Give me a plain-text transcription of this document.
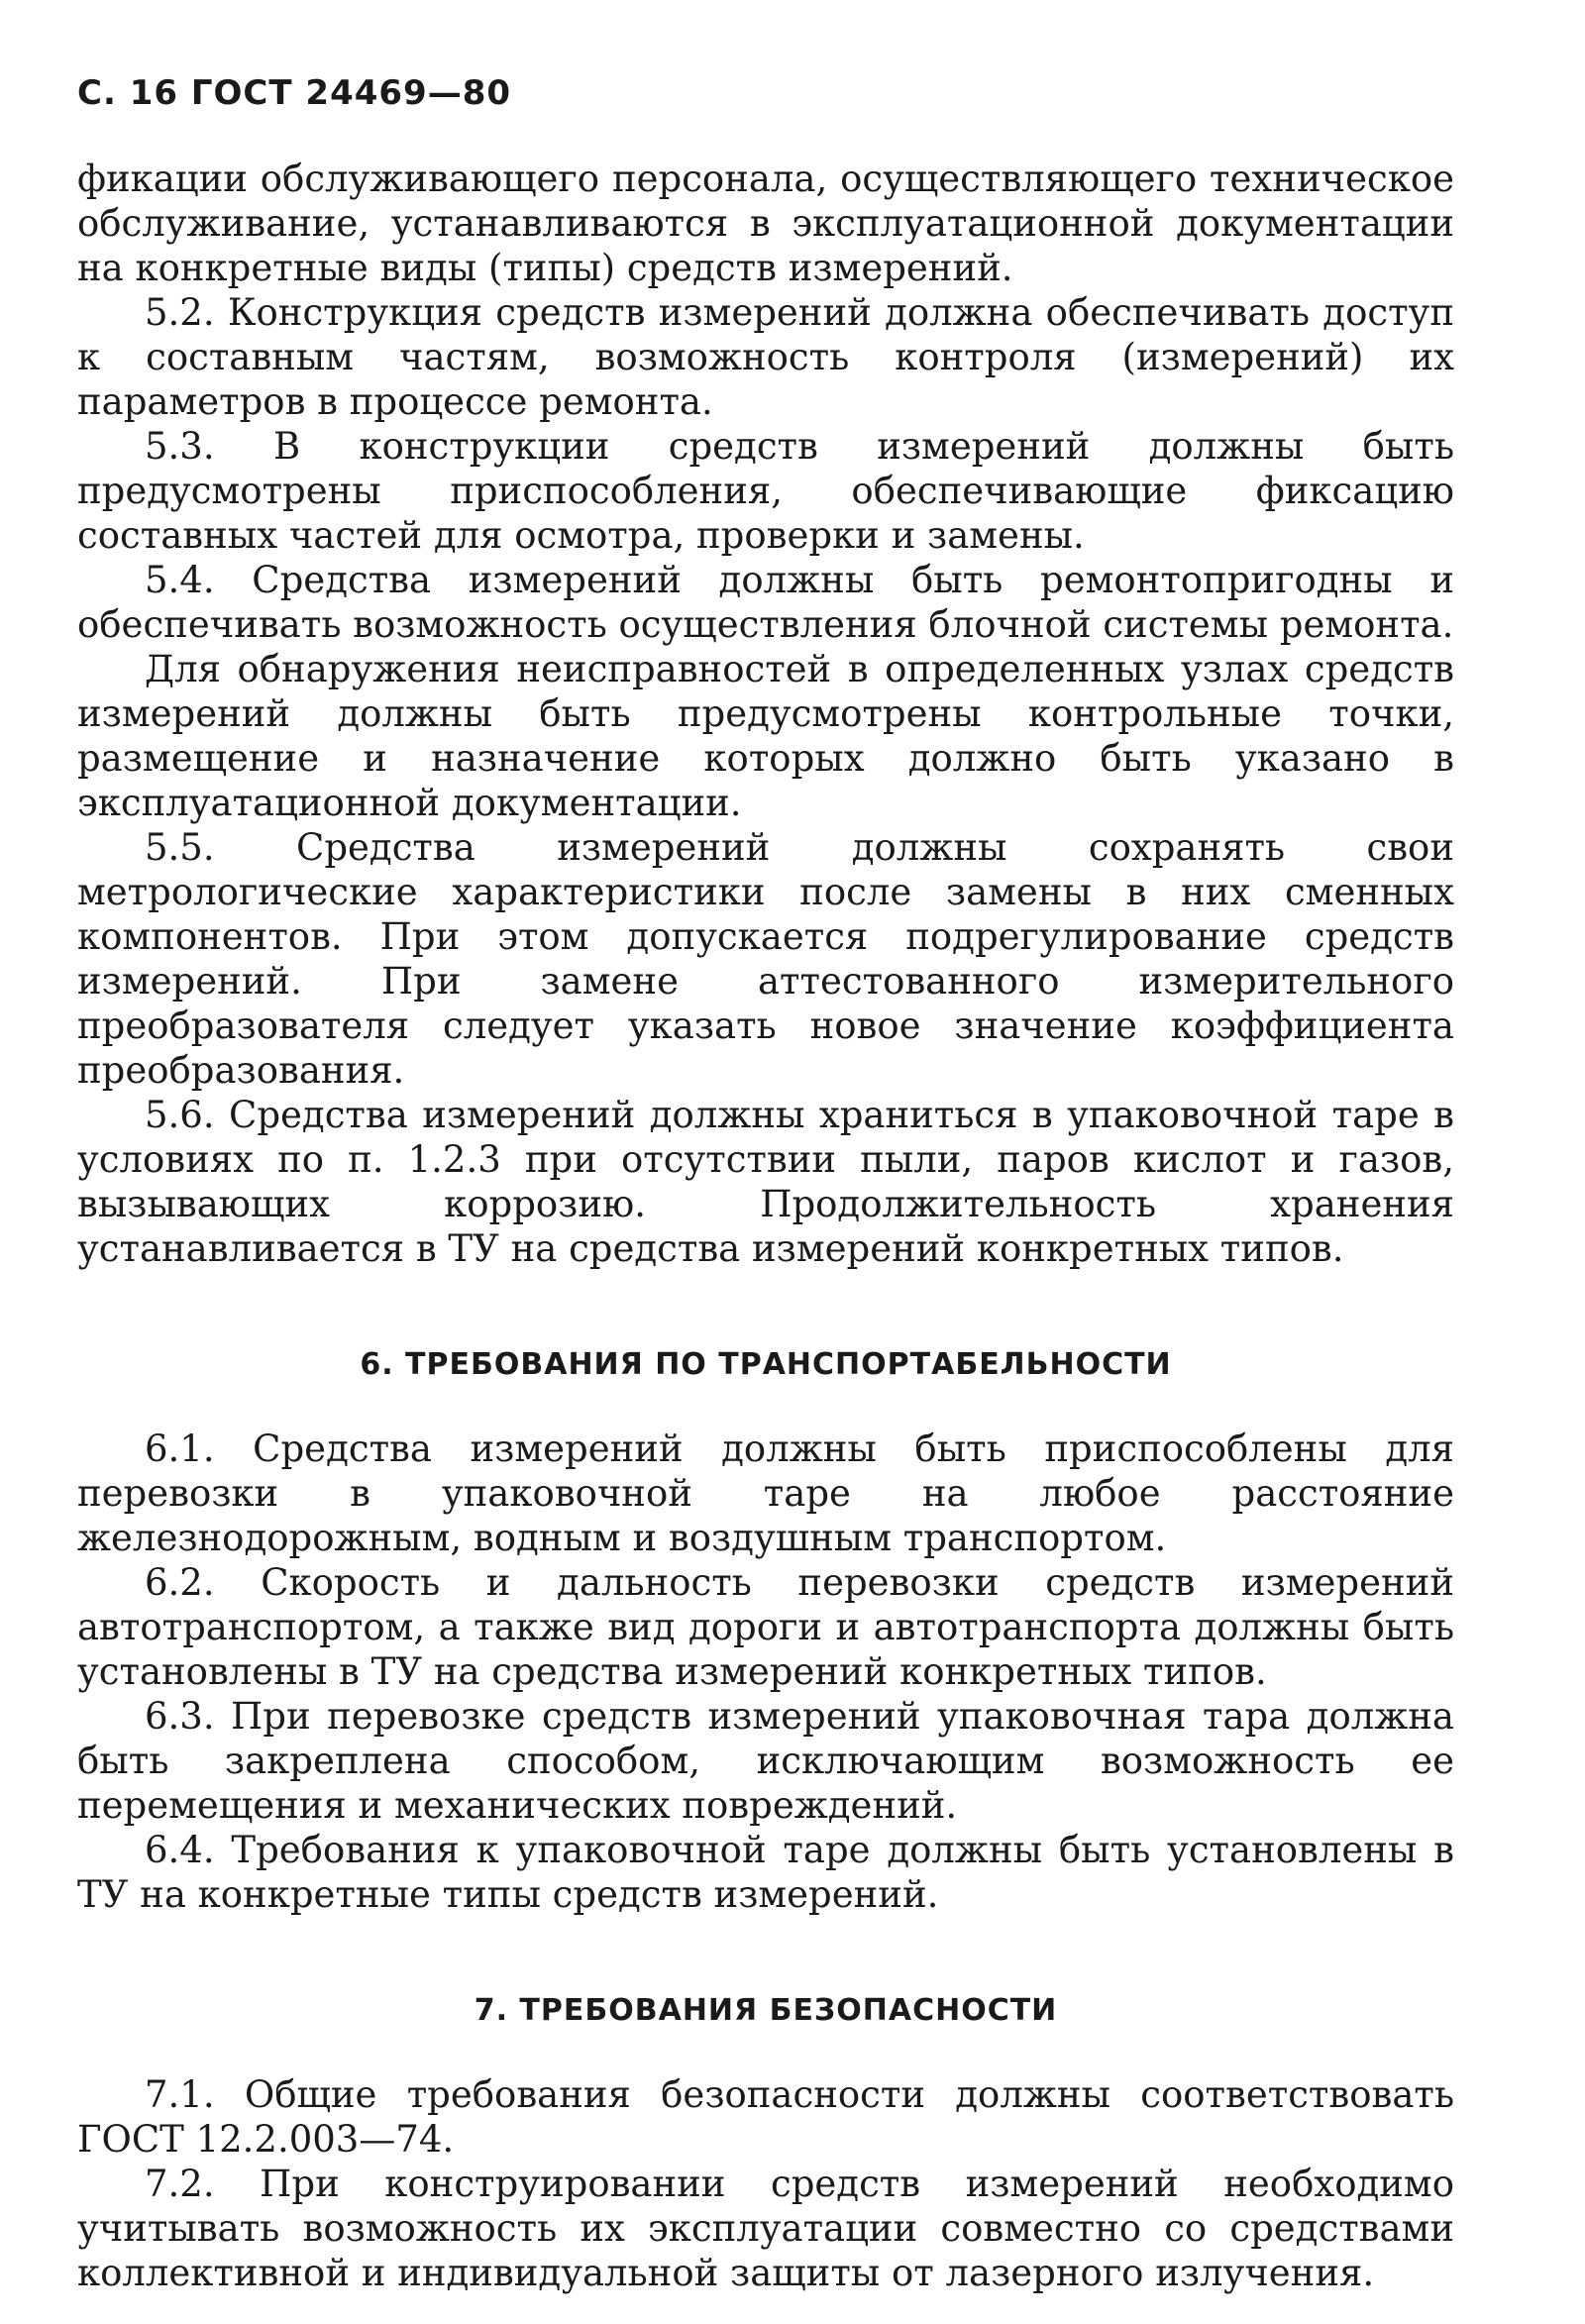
С. 16 ГОСТ 24469—80

фикации обслуживающего персонала, осуществляющего техническое обслуживание, устанавливаются в эксплуатационной документации на конкретные виды (типы) средств измерений.

5.2. Конструкция средств измерений должна обеспечивать доступ к составным частям, возможность контроля (измерений) их параметров в процессе ремонта.

5.3. В конструкции средств измерений должны быть предусмотрены приспособления, обеспечивающие фиксацию составных частей для осмотра, проверки и замены.

5.4. Средства измерений должны быть ремонтопригодны и обеспечивать возможность осуществления блочной системы ремонта.

Для обнаружения неисправностей в определенных узлах средств измерений должны быть предусмотрены контрольные точки, размещение и назначение которых должно быть указано в эксплуатационной документации.

5.5. Средства измерений должны сохранять свои метрологические характеристики после замены в них сменных компонентов. При этом допускается подрегулирование средств измерений. При замене аттестованного измерительного преобразователя следует указать новое значение коэффициента преобразования.

5.6. Средства измерений должны храниться в упаковочной таре в условиях по п. 1.2.3 при отсутствии пыли, паров кислот и газов, вызывающих коррозию. Продолжительность хранения устанавливается в ТУ на средства измерений конкретных типов.

6. ТРЕБОВАНИЯ ПО ТРАНСПОРТАБЕЛЬНОСТИ

6.1. Средства измерений должны быть приспособлены для перевозки в упаковочной таре на любое расстояние железнодорожным, водным и воздушным транспортом.

6.2. Скорость и дальность перевозки средств измерений автотранспортом, а также вид дороги и автотранспорта должны быть установлены в ТУ на средства измерений конкретных типов.

6.3. При перевозке средств измерений упаковочная тара должна быть закреплена способом, исключающим возможность ее перемещения и механических повреждений.

6.4. Требования к упаковочной таре должны быть установлены в ТУ на конкретные типы средств измерений.

7. ТРЕБОВАНИЯ БЕЗОПАСНОСТИ

7.1. Общие требования безопасности должны соответствовать ГОСТ 12.2.003—74.

7.2. При конструировании средств измерений необходимо учитывать возможность их эксплуатации совместно со средствами коллективной и индивидуальной защиты от лазерного излучения.
